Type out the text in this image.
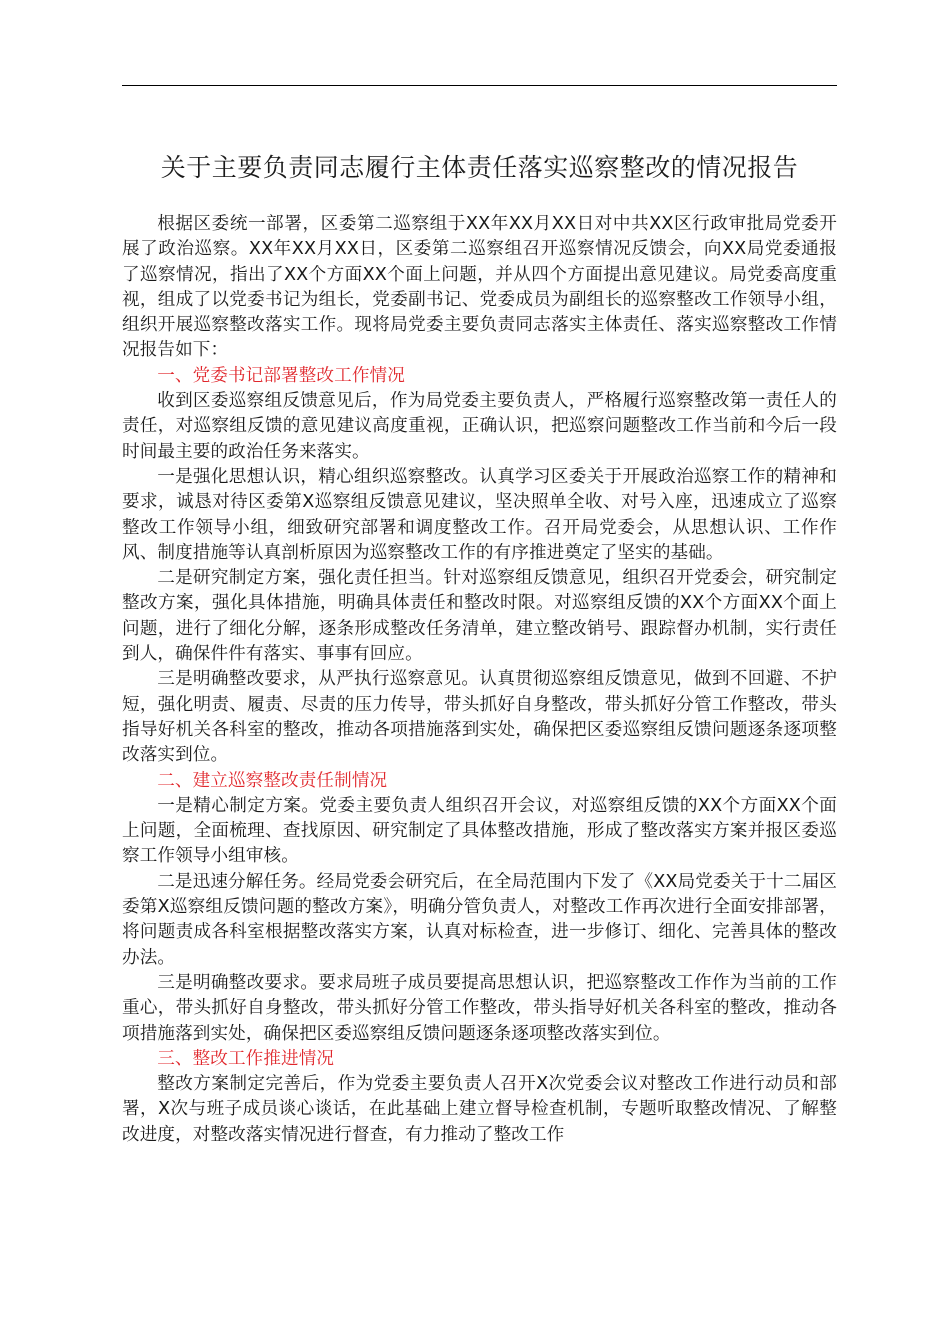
关于主要负责同志履行主体责任落实巡察整改的情况报告

根据区委统一部署，区委第二巡察组于XX年XX月XX日对中共XX区行政审批局党委开展了政治巡察。XX年XX月XX日，区委第二巡察组召开巡察情况反馈会，向XX局党委通报了巡察情况，指出了XX个方面XX个面上问题，并从四个方面提出意见建议。局党委高度重视，组成了以党委书记为组长，党委副书记、党委成员为副组长的巡察整改工作领导小组，组织开展巡察整改落实工作。现将局党委主要负责同志落实主体责任、落实巡察整改工作情况报告如下：

一、党委书记部署整改工作情况

收到区委巡察组反馈意见后，作为局党委主要负责人，严格履行巡察整改第一责任人的责任，对巡察组反馈的意见建议高度重视，正确认识，把巡察问题整改工作当前和今后一段时间最主要的政治任务来落实。

一是强化思想认识，精心组织巡察整改。认真学习区委关于开展政治巡察工作的精神和要求，诚恳对待区委第X巡察组反馈意见建议，坚决照单全收、对号入座，迅速成立了巡察整改工作领导小组，细致研究部署和调度整改工作。召开局党委会，从思想认识、工作作风、制度措施等认真剖析原因为巡察整改工作的有序推进奠定了坚实的基础。

二是研究制定方案，强化责任担当。针对巡察组反馈意见，组织召开党委会，研究制定整改方案，强化具体措施，明确具体责任和整改时限。对巡察组反馈的XX个方面XX个面上问题，进行了细化分解，逐条形成整改任务清单，建立整改销号、跟踪督办机制，实行责任到人，确保件件有落实、事事有回应。

三是明确整改要求，从严执行巡察意见。认真贯彻巡察组反馈意见，做到不回避、不护短，强化明责、履责、尽责的压力传导，带头抓好自身整改，带头抓好分管工作整改，带头指导好机关各科室的整改，推动各项措施落到实处，确保把区委巡察组反馈问题逐条逐项整改落实到位。

二、建立巡察整改责任制情况

一是精心制定方案。党委主要负责人组织召开会议，对巡察组反馈的XX个方面XX个面上问题，全面梳理、查找原因、研究制定了具体整改措施，形成了整改落实方案并报区委巡察工作领导小组审核。

二是迅速分解任务。经局党委会研究后，在全局范围内下发了《XX局党委关于十二届区委第X巡察组反馈问题的整改方案》，明确分管负责人，对整改工作再次进行全面安排部署，将问题责成各科室根据整改落实方案，认真对标检查，进一步修订、细化、完善具体的整改办法。

三是明确整改要求。要求局班子成员要提高思想认识，把巡察整改工作作为当前的工作重心，带头抓好自身整改，带头抓好分管工作整改，带头指导好机关各科室的整改，推动各项措施落到实处，确保把区委巡察组反馈问题逐条逐项整改落实到位。

三、整改工作推进情况

整改方案制定完善后，作为党委主要负责人召开X次党委会议对整改工作进行动员和部署，X次与班子成员谈心谈话，在此基础上建立督导检查机制，专题听取整改情况、了解整改进度，对整改落实情况进行督查，有力推动了整改工作
